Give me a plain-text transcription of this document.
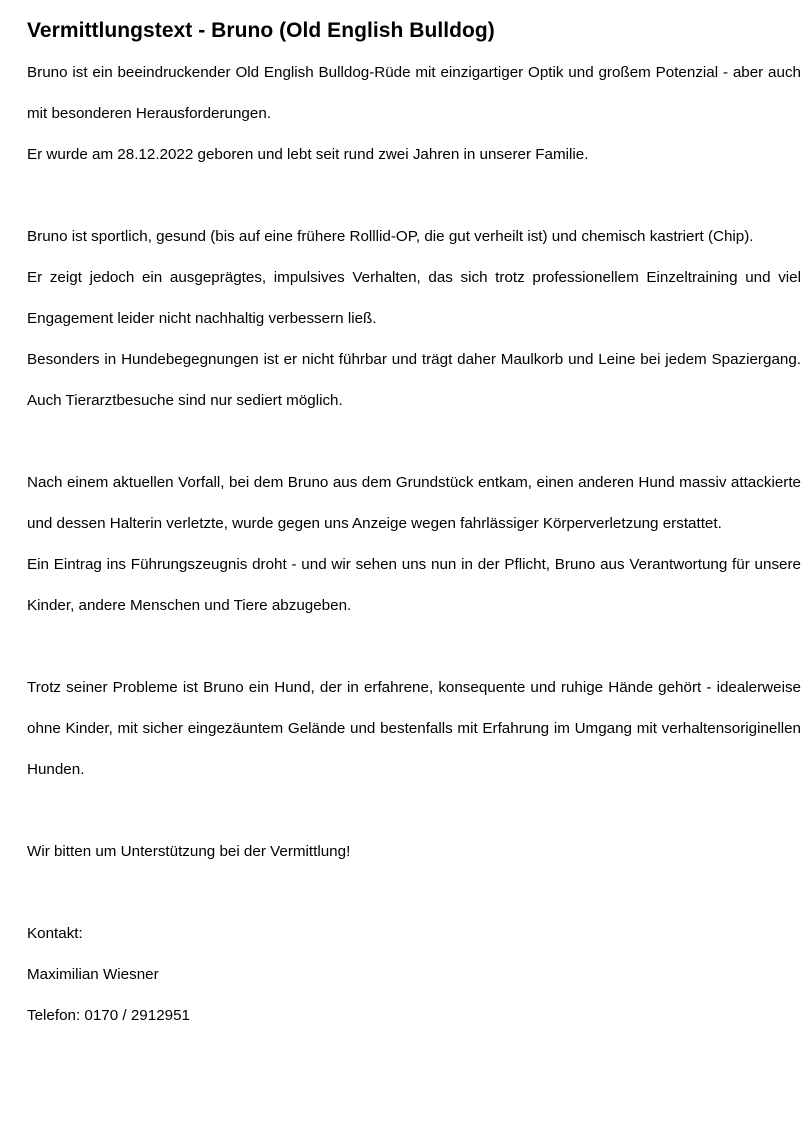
Vermittlungstext - Bruno (Old English Bulldog)

Bruno ist ein beeindruckender Old English Bulldog-Rüde mit einzigartiger Optik und großem Potenzial - aber auch mit besonderen Herausforderungen.

Er wurde am 28.12.2022 geboren und lebt seit rund zwei Jahren in unserer Familie.

Bruno ist sportlich, gesund (bis auf eine frühere Rolllid-OP, die gut verheilt ist) und chemisch kastriert (Chip).

Er zeigt jedoch ein ausgeprägtes, impulsives Verhalten, das sich trotz professionellem Einzeltraining und viel Engagement leider nicht nachhaltig verbessern ließ.

Besonders in Hundebegegnungen ist er nicht führbar und trägt daher Maulkorb und Leine bei jedem Spaziergang. Auch Tierarztbesuche sind nur sediert möglich.

Nach einem aktuellen Vorfall, bei dem Bruno aus dem Grundstück entkam, einen anderen Hund massiv attackierte und dessen Halterin verletzte, wurde gegen uns Anzeige wegen fahrlässiger Körperverletzung erstattet.

Ein Eintrag ins Führungszeugnis droht - und wir sehen uns nun in der Pflicht, Bruno aus Verantwortung für unsere Kinder, andere Menschen und Tiere abzugeben.

Trotz seiner Probleme ist Bruno ein Hund, der in erfahrene, konsequente und ruhige Hände gehört - idealerweise ohne Kinder, mit sicher eingezäuntem Gelände und bestenfalls mit Erfahrung im Umgang mit verhaltensoriginellen Hunden.

Wir bitten um Unterstützung bei der Vermittlung!

Kontakt:

Maximilian Wiesner

Telefon: 0170 / 2912951
